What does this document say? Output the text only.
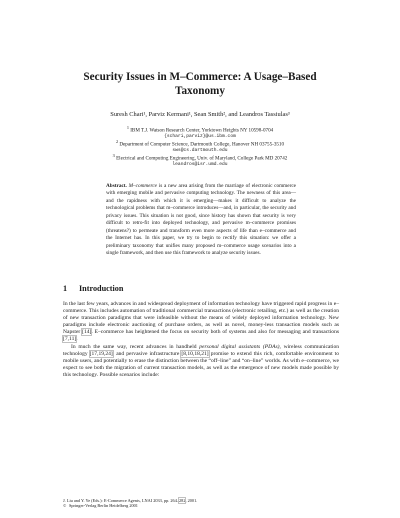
Security Issues in M–Commerce: A Usage–Based
Taxonomy
Suresh Chari¹, Parviz Kermani¹, Sean Smith², and Leandros Tassiulas³
$^1$ IBM T.J. Watson Research Center, Yorktown Heights NY 10598-0704
{schari,parviz}@us.ibm.com
$^2$ Department of Computer Science, Dartmouth College, Hanover NH 03755-3510
sws@cs.dartmouth.edu
$^3$ Electrical and Computing Engineering, Univ. of Maryland, College Park MD 20742
leandros@isr.umd.edu
Abstract. M–commerce is a new area arising from the marriage of electronic commerce with emerging mobile and pervasive computing technology. The newness of this area—and the rapidness with which it is emerging—makes it difficult to analyze the technological problems that m–commerce introduces—and, in particular, the security and privacy issues. This situation is not good, since history has shown that security is very difficult to retro-fit into deployed technology, and pervasive m–commerce promises (threatens?) to permeate and transform even more aspects of life than e–commerce and the Internet has. In this paper, we try to begin to rectify this situation: we offer a preliminary taxonomy that unifies many proposed m–commerce usage scenarios into a single framework, and then use this framework to analyze security issues.
1 Introduction

In the last few years, advances in and widespread deployment of information technology have triggered rapid progress in e–commerce. This includes automation of traditional commercial transactions (electronic retailing, etc.) as well as the creation of new transaction paradigms that were infeasible without the means of widely deployed information technology. New paradigms include electronic auctioning of purchase orders, as well as novel, money-less transaction models such as Napster [14]. E–commerce has heightened the focus on security both of systems and also for messaging and transactions [7,11].

In much the same way, recent advances in handheld personal digital assistants (PDAs), wireless communication technology [17,19,24], and pervasive infrastructure [8,10,18,21] promise to extend this rich, comfortable environment to mobile users, and potentially to erase the distinction between the “off–line” and “on–line” worlds. As with e–commerce, we expect to see both the migration of current transaction models, as well as the emergence of new models made possible by this technology. Possible scenarios include:

J. Liu and Y. Ye (Eds.): E-Commerce Agents, LNAI 2033, pp. 264–282, 2001.
© Springer-Verlag Berlin Heidelberg 2001
